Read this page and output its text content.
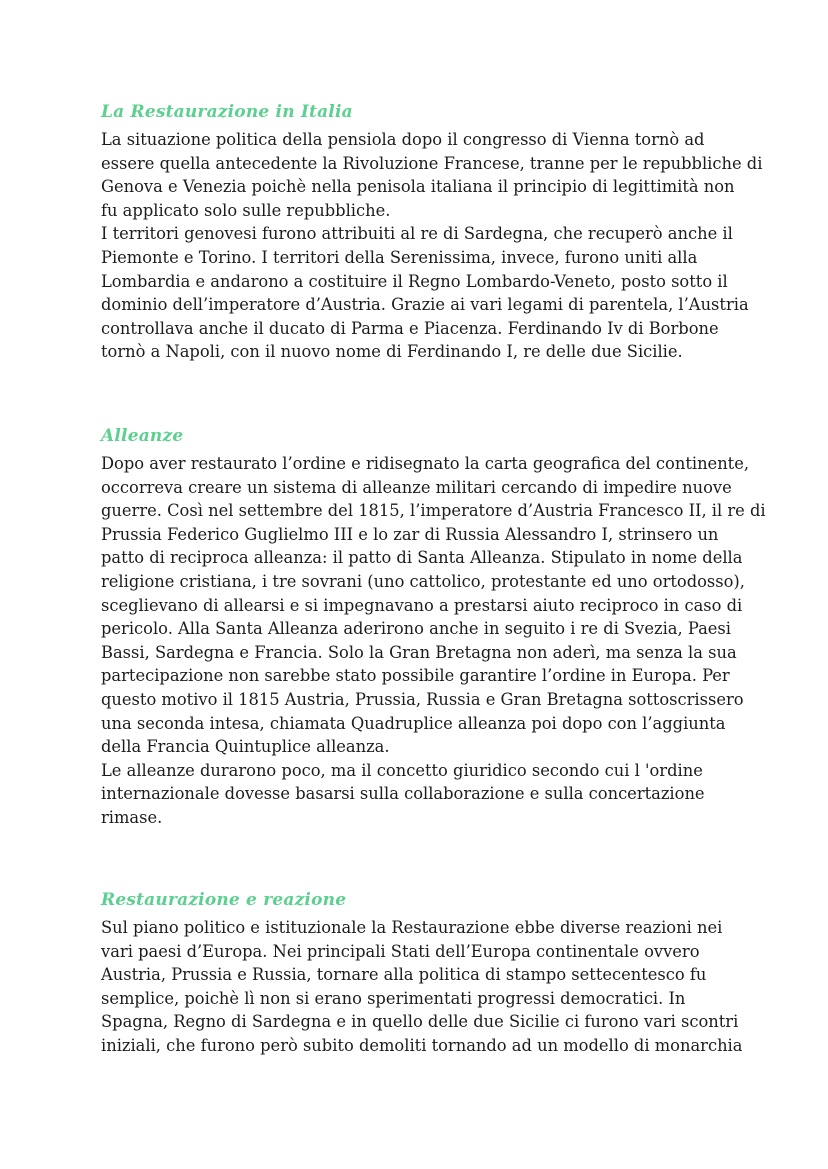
La Restaurazione in Italia

La situazione politica della pensiola dopo il congresso di Vienna tornò ad
essere quella antecedente la Rivoluzione Francese, tranne per le repubbliche di
Genova e Venezia poichè nella penisola italiana il principio di legittimità non
fu applicato solo sulle repubbliche.
I territori genovesi furono attribuiti al re di Sardegna, che recuperò anche il
Piemonte e Torino. I territori della Serenissima, invece, furono uniti alla
Lombardia e andarono a costituire il Regno Lombardo-Veneto, posto sotto il
dominio dell’imperatore d’Austria. Grazie ai vari legami di parentela, l’Austria
controllava anche il ducato di Parma e Piacenza. Ferdinando Iv di Borbone
tornò a Napoli, con il nuovo nome di Ferdinando I, re delle due Sicilie.

Alleanze

Dopo aver restaurato l’ordine e ridisegnato la carta geografica del continente,
occorreva creare un sistema di alleanze militari cercando di impedire nuove
guerre. Così nel settembre del 1815, l’imperatore d’Austria Francesco II, il re di
Prussia Federico Guglielmo III e lo zar di Russia Alessandro I, strinsero un
patto di reciproca alleanza: il patto di Santa Alleanza. Stipulato in nome della
religione cristiana, i tre sovrani (uno cattolico, protestante ed uno ortodosso),
sceglievano di allearsi e si impegnavano a prestarsi aiuto reciproco in caso di
pericolo. Alla Santa Alleanza aderirono anche in seguito i re di Svezia, Paesi
Bassi, Sardegna e Francia. Solo la Gran Bretagna non aderì, ma senza la sua
partecipazione non sarebbe stato possibile garantire l’ordine in Europa. Per
questo motivo il 1815 Austria, Prussia, Russia e Gran Bretagna sottoscrissero
una seconda intesa, chiamata Quadruplice alleanza poi dopo con l’aggiunta
della Francia Quintuplice alleanza.
Le alleanze durarono poco, ma il concetto giuridico secondo cui l 'ordine
internazionale dovesse basarsi sulla collaborazione e sulla concertazione
rimase.

Restaurazione e reazione

Sul piano politico e istituzionale la Restaurazione ebbe diverse reazioni nei
vari paesi d’Europa. Nei principali Stati dell’Europa continentale ovvero
Austria, Prussia e Russia, tornare alla politica di stampo settecentesco fu
semplice, poichè lì non si erano sperimentati progressi democratici. In
Spagna, Regno di Sardegna e in quello delle due Sicilie ci furono vari scontri
iniziali, che furono però subito demoliti tornando ad un modello di monarchia
